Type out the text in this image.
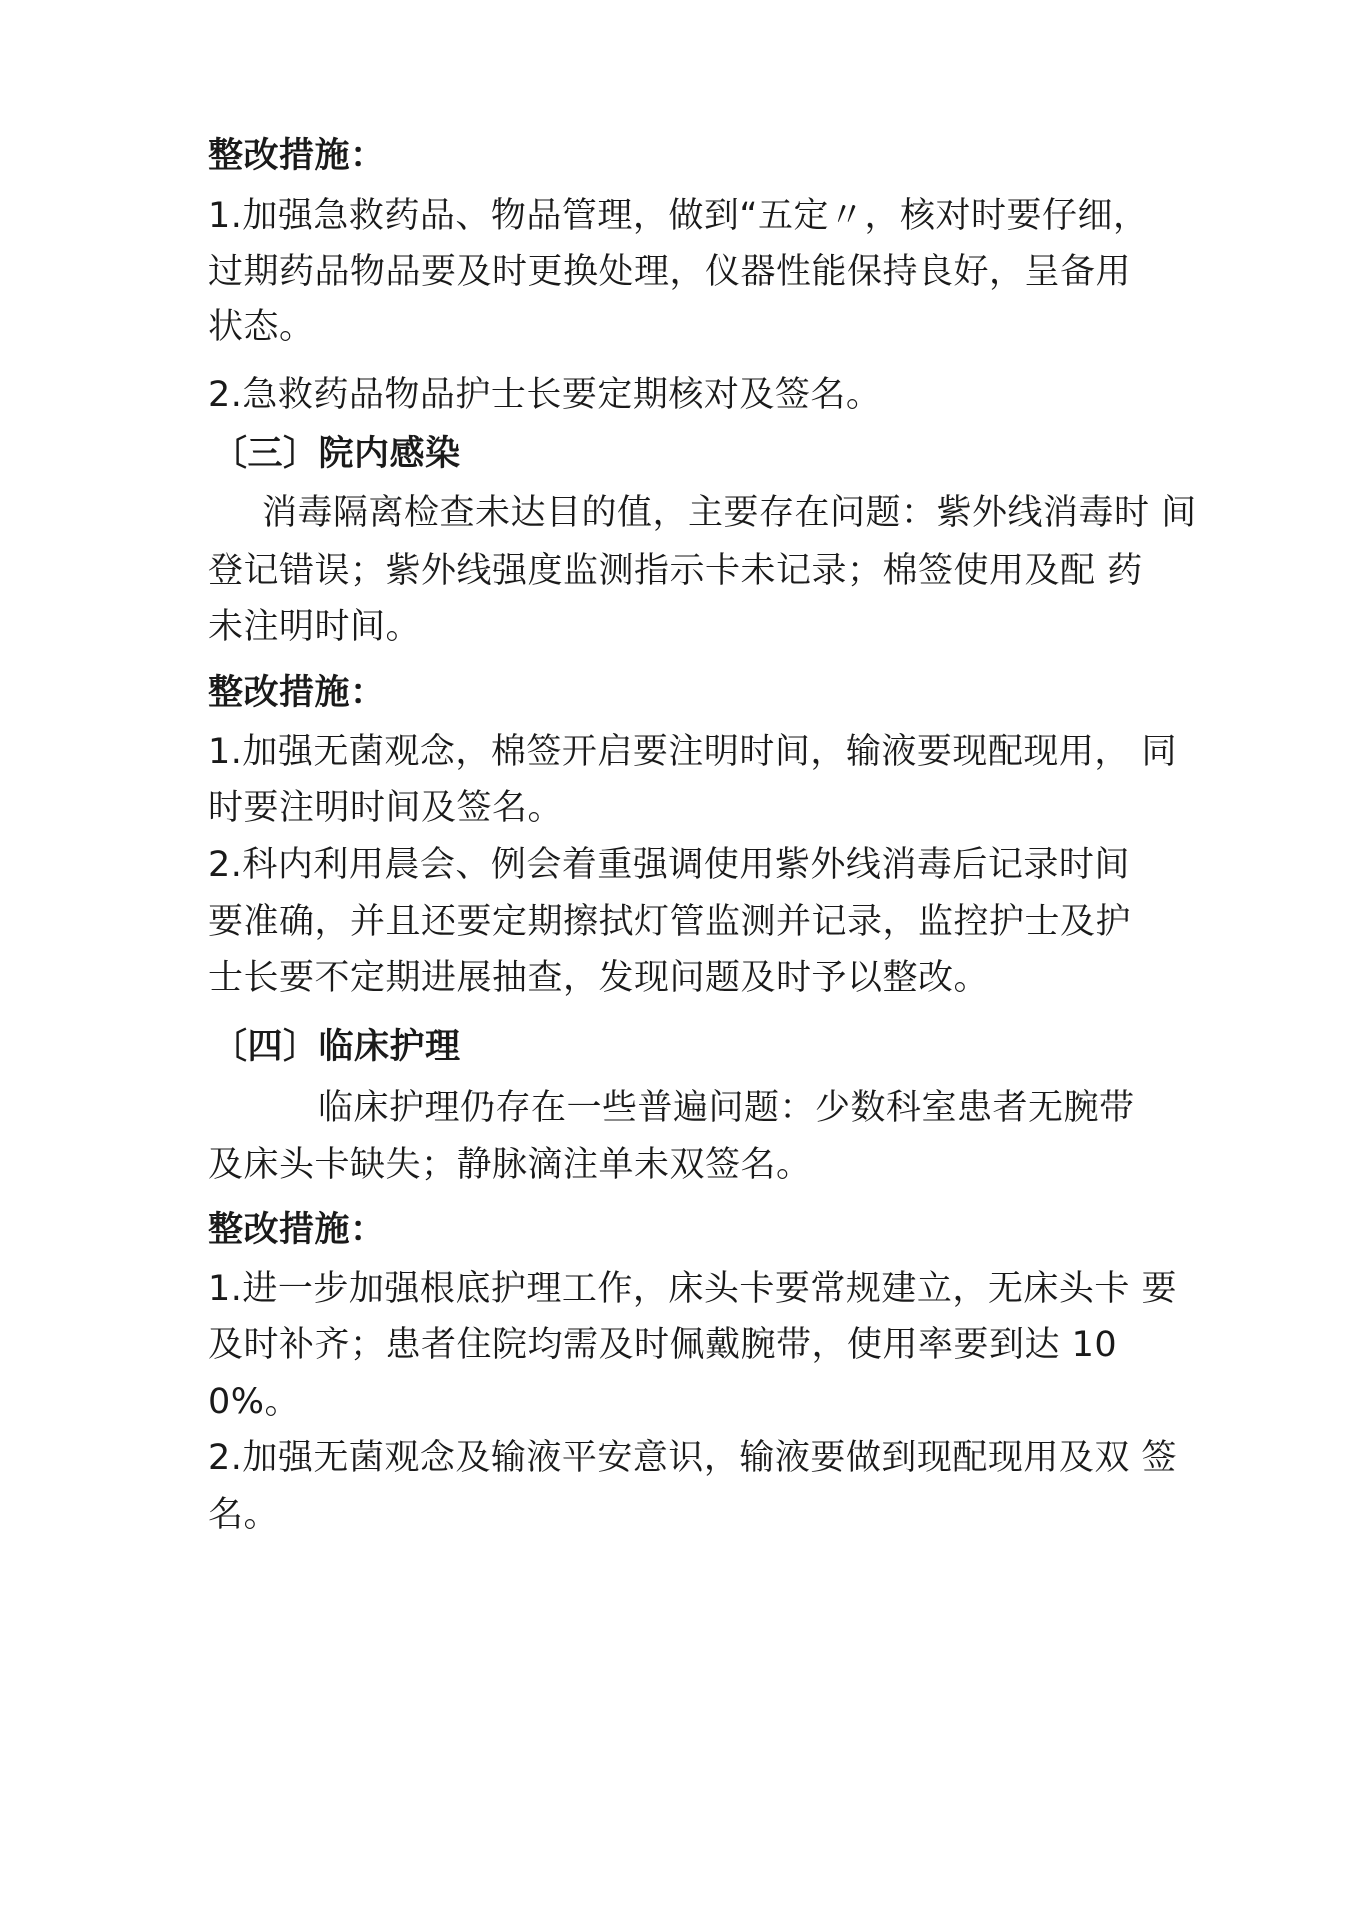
整改措施：
1.加强急救药品、物品管理，做到“五定〃，核对时要仔细，
过期药品物品要及时更换处理，仪器性能保持良好，呈备用
状态。
2.急救药品物品护士长要定期核对及签名。
〔三〕院内感染
消毒隔离检查未达目的值，主要存在问题：紫外线消毒时 间
登记错误；紫外线强度监测指示卡未记录；棉签使用及配 药
未注明时间。
整改措施：
1.加强无菌观念，棉签开启要注明时间，输液要现配现用， 同
时要注明时间及签名。
2.科内利用晨会、例会着重强调使用紫外线消毒后记录时间
要准确，并且还要定期擦拭灯管监测并记录，监控护士及护
士长要不定期进展抽查，发现问题及时予以整改。
〔四〕临床护理
临床护理仍存在一些普遍问题：少数科室患者无腕带
及床头卡缺失；静脉滴注单未双签名。
整改措施：
1.进一步加强根底护理工作，床头卡要常规建立，无床头卡 要
及时补齐；患者住院均需及时佩戴腕带，使用率要到达 10
0%。
2.加强无菌观念及输液平安意识，输液要做到现配现用及双 签
名。
